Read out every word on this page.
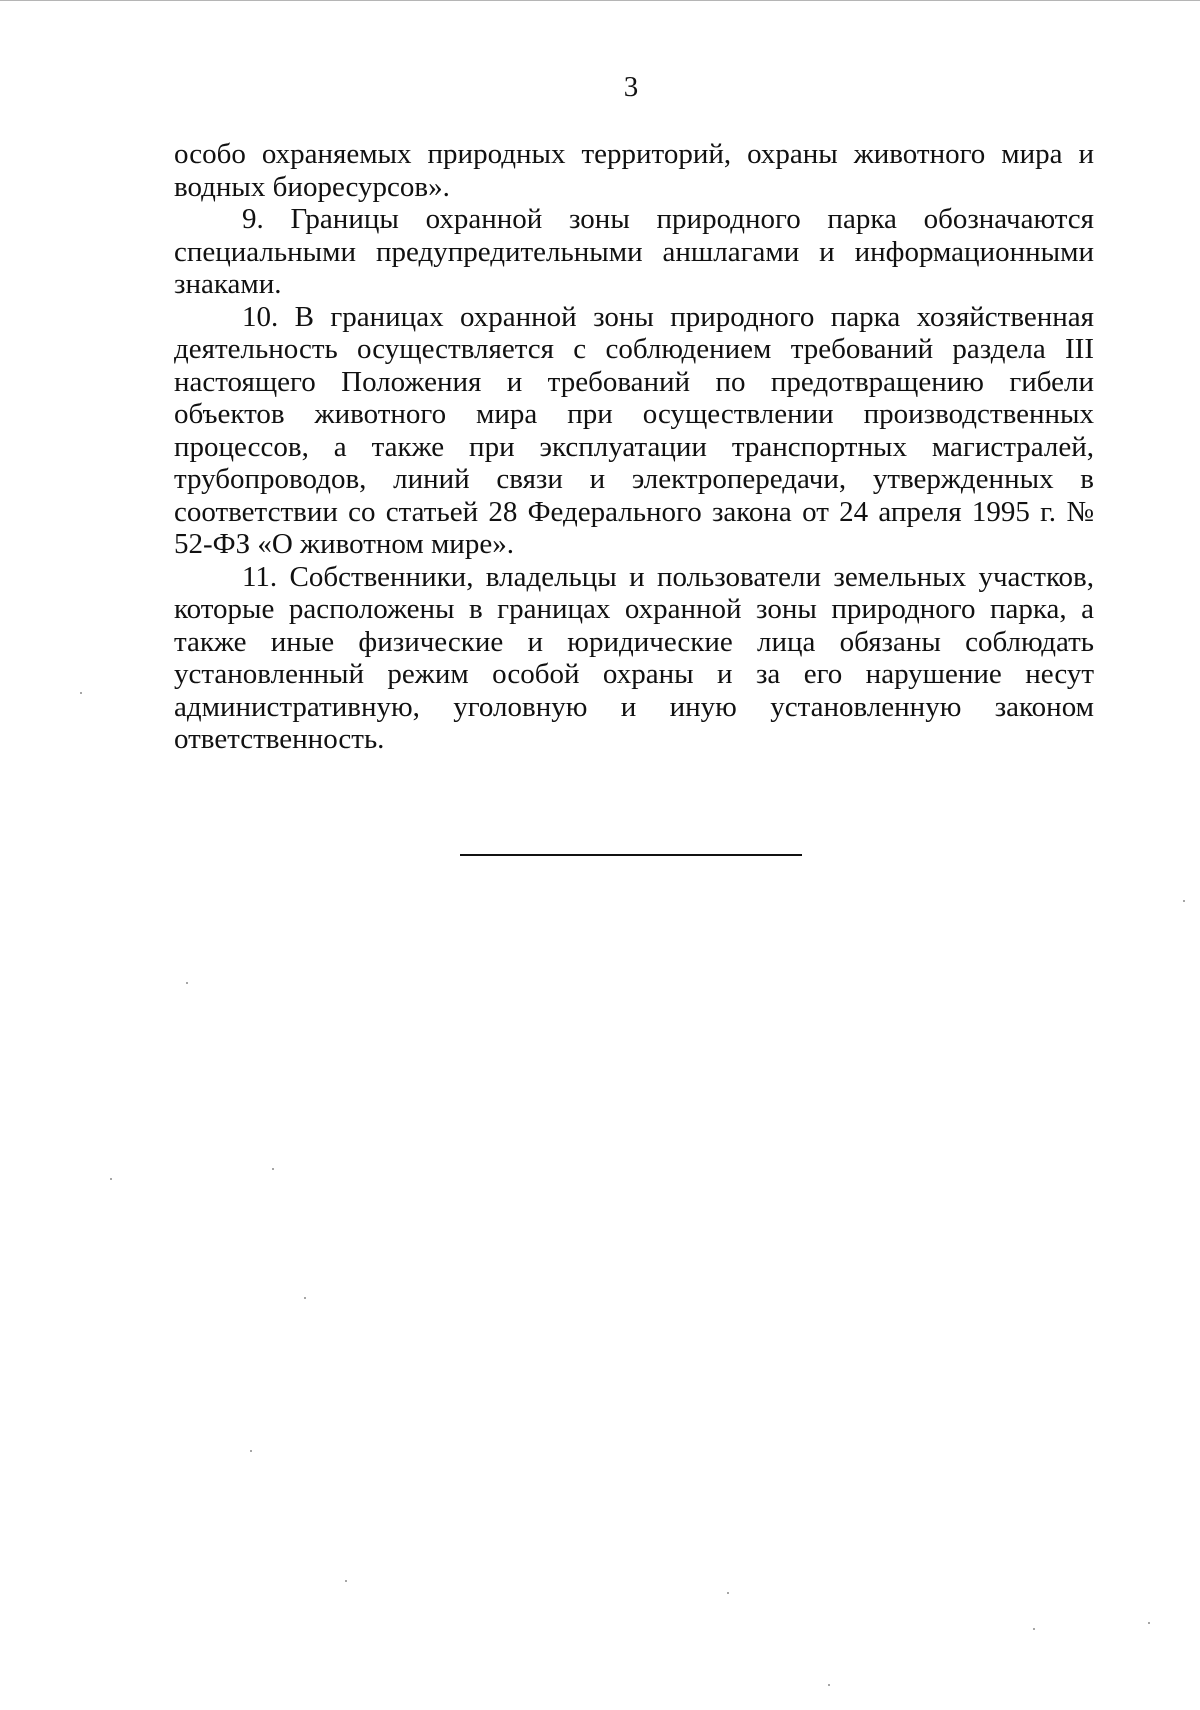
3

особо охраняемых природных территорий, охраны животного мира и водных биоресурсов».

9. Границы охранной зоны природного парка обозначаются специальными предупредительными аншлагами и информационными знаками.

10. В границах охранной зоны природного парка хозяйственная деятельность осуществляется с соблюдением требований раздела III настоящего Положения и требований по предотвращению гибели объектов животного мира при осуществлении производственных процессов, а также при эксплуатации транспортных магистралей, трубопроводов, линий связи и электропередачи, утвержденных в соответствии со статьей 28 Федерального закона от 24 апреля 1995 г. № 52-ФЗ «О животном мире».

11. Собственники, владельцы и пользователи земельных участков, которые расположены в границах охранной зоны природного парка, а также иные физические и юридические лица обязаны соблюдать установленный режим особой охраны и за его нарушение несут административную, уголовную и иную установленную законом ответственность.
